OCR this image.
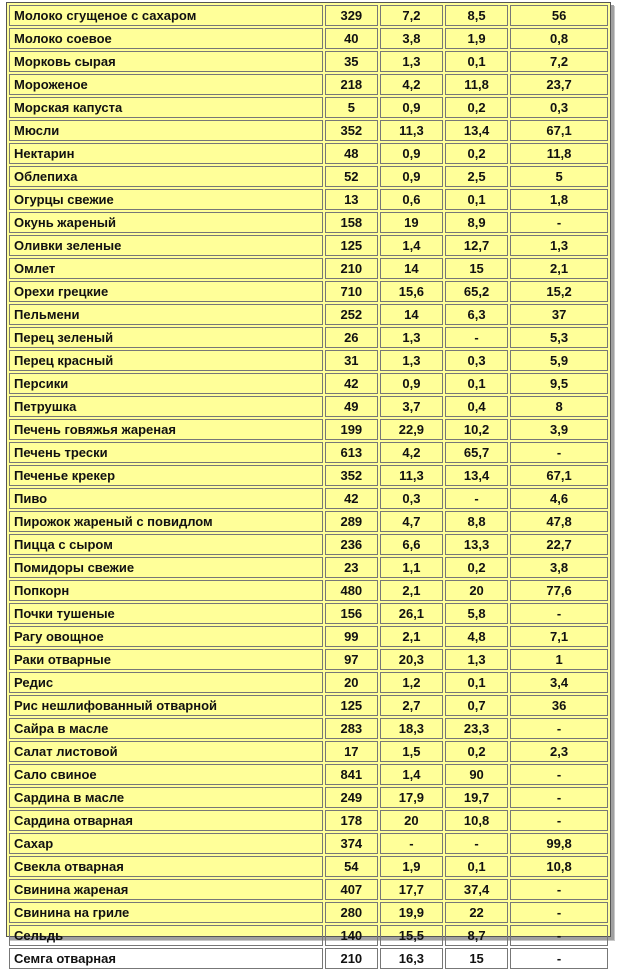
Молоко сгущеное с сахаром	329	7,2	8,5	56
Молоко соевое	40	3,8	1,9	0,8
Морковь сырая	35	1,3	0,1	7,2
Мороженое	218	4,2	11,8	23,7
Морская капуста	5	0,9	0,2	0,3
Мюсли	352	11,3	13,4	67,1
Нектарин	48	0,9	0,2	11,8
Облепиха	52	0,9	2,5	5
Огурцы свежие	13	0,6	0,1	1,8
Окунь жареный	158	19	8,9	-
Оливки зеленые	125	1,4	12,7	1,3
Омлет	210	14	15	2,1
Орехи грецкие	710	15,6	65,2	15,2
Пельмени	252	14	6,3	37
Перец зеленый	26	1,3	-	5,3
Перец красный	31	1,3	0,3	5,9
Персики	42	0,9	0,1	9,5
Петрушка	49	3,7	0,4	8
Печень говяжья жареная	199	22,9	10,2	3,9
Печень трески	613	4,2	65,7	-
Печенье крекер	352	11,3	13,4	67,1
Пиво	42	0,3	-	4,6
Пирожок жареный с повидлом	289	4,7	8,8	47,8
Пицца с сыром	236	6,6	13,3	22,7
Помидоры свежие	23	1,1	0,2	3,8
Попкорн	480	2,1	20	77,6
Почки тушеные	156	26,1	5,8	-
Рагу овощное	99	2,1	4,8	7,1
Раки отварные	97	20,3	1,3	1
Редис	20	1,2	0,1	3,4
Рис нешлифованный отварной	125	2,7	0,7	36
Сайра в масле	283	18,3	23,3	-
Салат листовой	17	1,5	0,2	2,3
Сало свиное	841	1,4	90	-
Сардина в масле	249	17,9	19,7	-
Сардина отварная	178	20	10,8	-
Сахар	374	-	-	99,8
Свекла отварная	54	1,9	0,1	10,8
Свинина жареная	407	17,7	37,4	-
Свинина на гриле	280	19,9	22	-
Сельдь	140	15,5	8,7	-
Семга отварная	210	16,3	15	-
